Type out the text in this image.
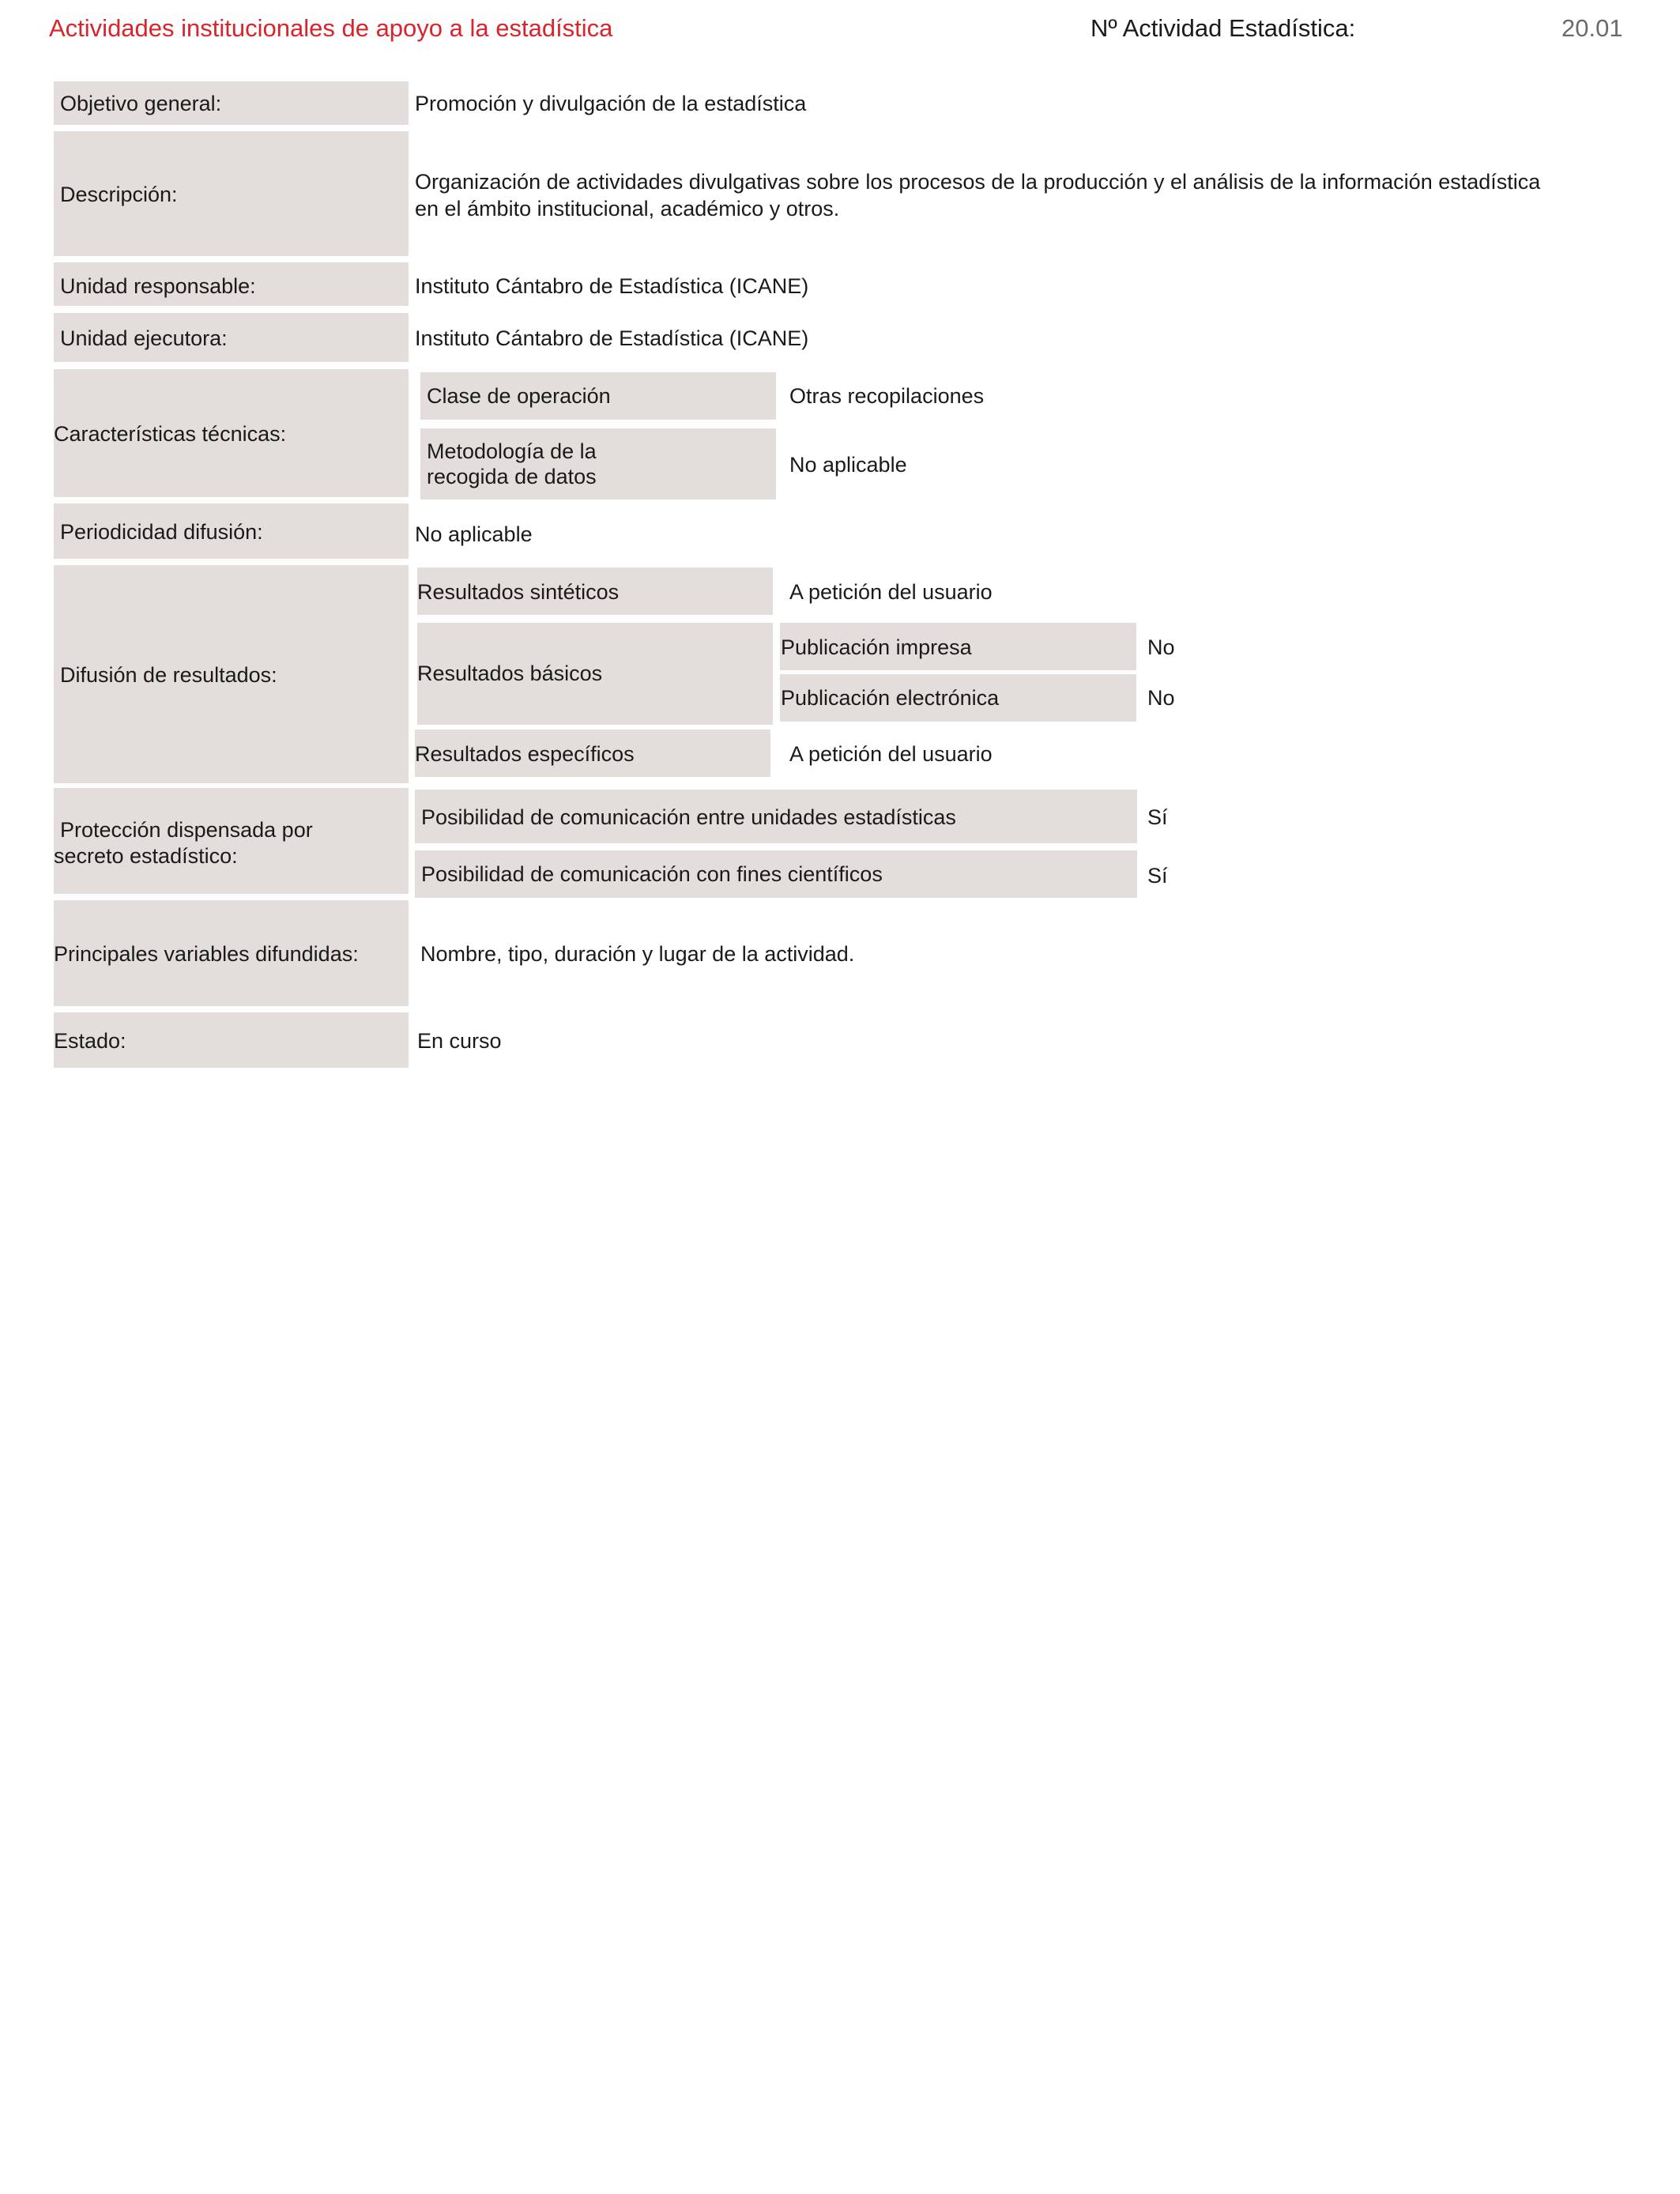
Actividades institucionales de apoyo a la estadística	Nº Actividad Estadística:	20.01
Objetivo general:	Promoción y divulgación de la estadística
Descripción:
Organización de actividades divulgativas sobre los procesos de la producción y el análisis de la información estadística
en el ámbito institucional, académico y otros.
Unidad responsable:	Instituto Cántabro de Estadística (ICANE)
Unidad ejecutora:	Instituto Cántabro de Estadística (ICANE)
Características técnicas:
Clase de operación	Otras recopilaciones
Metodología de la
recogida de datos	No aplicable
Periodicidad difusión:	No aplicable
Difusión de resultados:
Resultados sintéticos	A petición del usuario
Resultados básicos
Publicación impresa	No
Publicación electrónica	No
Resultados específicos	A petición del usuario
Protección dispensada por
secreto estadístico:
Posibilidad de comunicación entre unidades estadísticas	Sí
Posibilidad de comunicación con fines científicos	Sí
Principales variables difundidas:	Nombre, tipo, duración y lugar de la actividad.
Estado:	En curso
